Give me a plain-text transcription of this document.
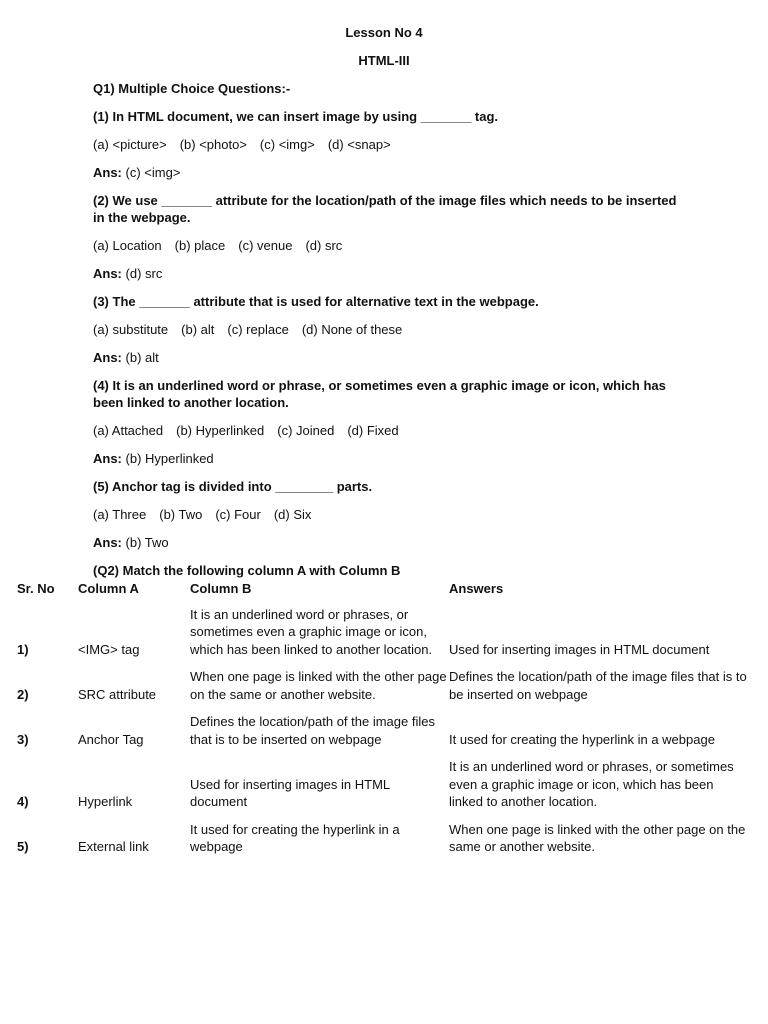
Lesson No 4
HTML-III
Q1) Multiple Choice Questions:-
(1) In HTML document, we can insert image by using _______ tag.
(a) <picture> (b) <photo> (c) <img> (d) <snap>
Ans: (c) <img>
(2) We use _______ attribute for the location/path of the image files which needs to be inserted in the webpage.
(a) Location (b) place (c) venue (d) src
Ans: (d) src
(3) The _______ attribute that is used for alternative text in the webpage.
(a) substitute (b) alt (c) replace (d) None of these
Ans: (b) alt
(4) It is an underlined word or phrase, or sometimes even a graphic image or icon, which has been linked to another location.
(a) Attached (b) Hyperlinked (c) Joined (d) Fixed
Ans: (b) Hyperlinked
(5) Anchor tag is divided into ________ parts.
(a) Three (b) Two (c) Four (d) Six
Ans: (b) Two
(Q2) Match the following column A with Column B
Sr. No	Column A	Column B	Answers
1)	<IMG> tag	It is an underlined word or phrases, or sometimes even a graphic image or icon, which has been linked to another location.	Used for inserting images in HTML document
2)	SRC attribute	When one page is linked with the other page on the same or another website.	Defines the location/path of the image files that is to be inserted on webpage
3)	Anchor Tag	Defines the location/path of the image files that is to be inserted on webpage	It used for creating the hyperlink in a webpage
4)	Hyperlink	Used for inserting images in HTML document	It is an underlined word or phrases, or sometimes even a graphic image or icon, which has been linked to another location.
5)	External link	It used for creating the hyperlink in a webpage	When one page is linked with the other page on the same or another website.
